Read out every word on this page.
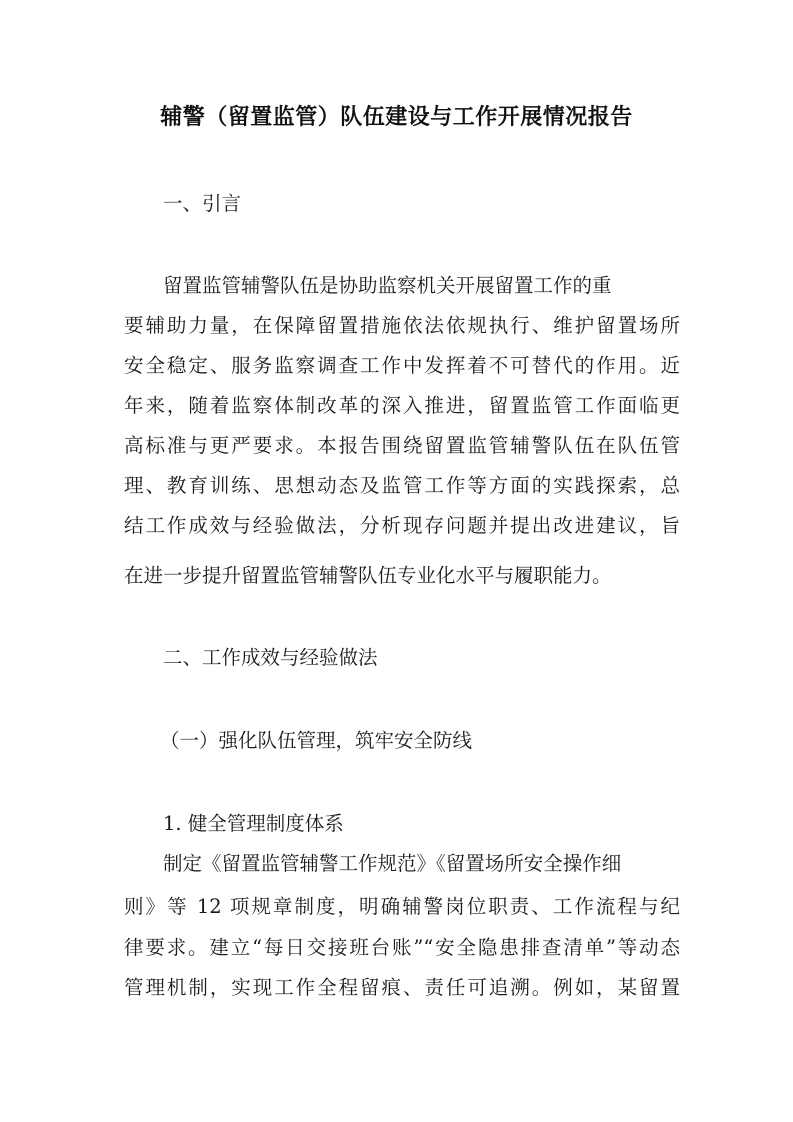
辅警（留置监管）队伍建设与工作开展情况报告
一、引言
留置监管辅警队伍是协助监察机关开展留置工作的重
要辅助力量，在保障留置措施依法依规执行、维护留置场所
安全稳定、服务监察调查工作中发挥着不可替代的作用。近
年来，随着监察体制改革的深入推进，留置监管工作面临更
高标准与更严要求。本报告围绕留置监管辅警队伍在队伍管
理、教育训练、思想动态及监管工作等方面的实践探索，总
结工作成效与经验做法，分析现存问题并提出改进建议，旨
在进一步提升留置监管辅警队伍专业化水平与履职能力。
二、工作成效与经验做法
（一）强化队伍管理，筑牢安全防线
1. 健全管理制度体系
制定《留置监管辅警工作规范》《留置场所安全操作细
则》等 12 项规章制度，明确辅警岗位职责、工作流程与纪
律要求。建立“每日交接班台账”“安全隐患排查清单”等动态
管理机制，实现工作全程留痕、责任可追溯。例如，某留置
